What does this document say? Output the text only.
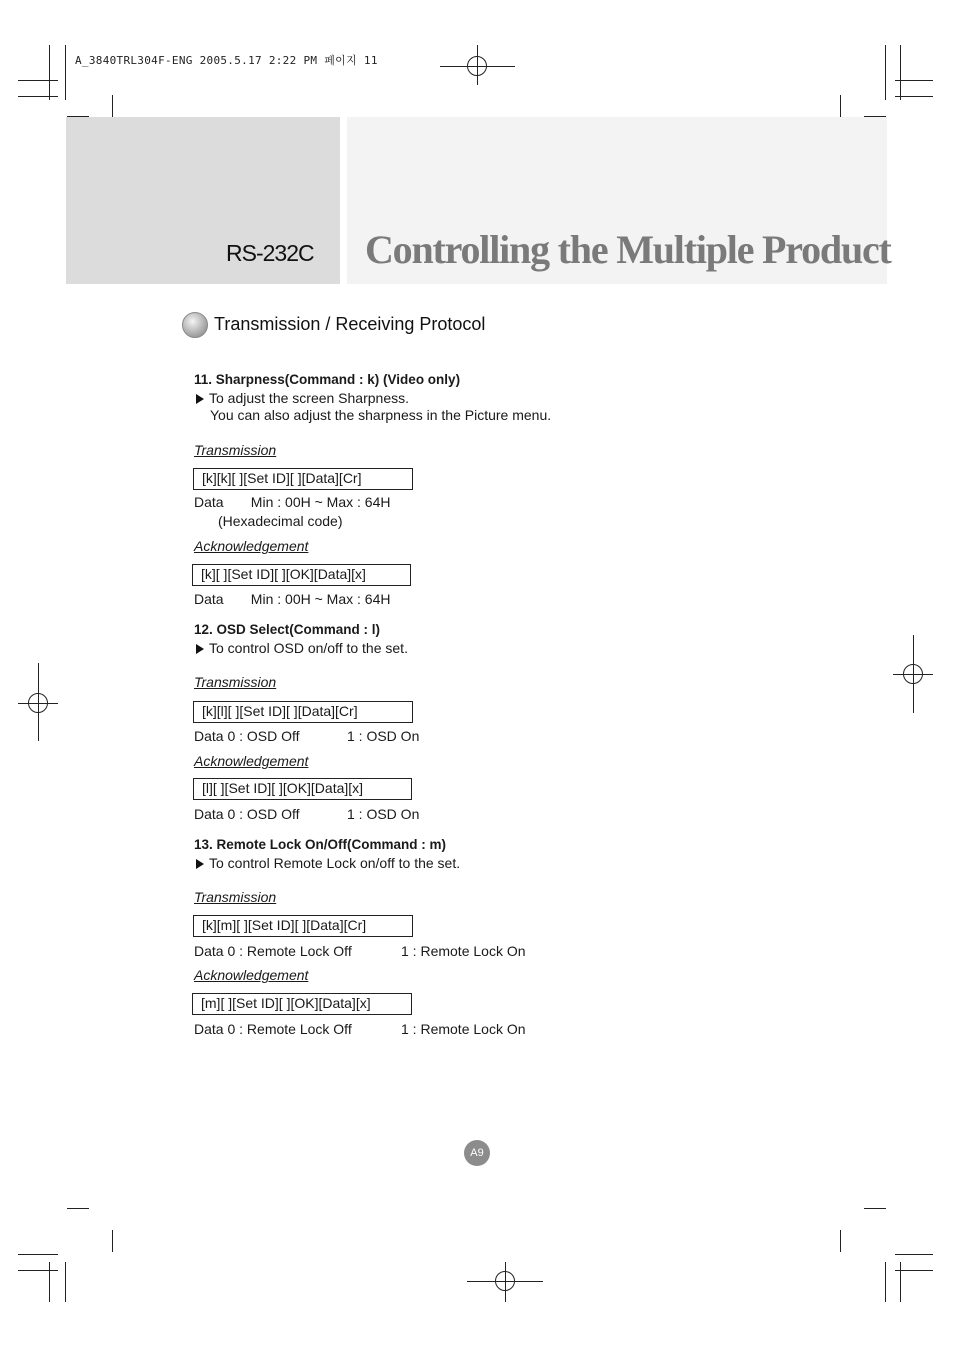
A_3840TRL304F-ENG 2005.5.17 2:22 PM 페이지 11
RS-232C Controlling the Multiple Product
Transmission / Receiving Protocol
11. Sharpness(Command : k) (Video only)
To adjust the screen Sharpness.
You can also adjust the sharpness in the Picture menu.
Transmission
[k][k][ ][Set ID][ ][Data][Cr]
Data       Min : 00H ~ Max : 64H
(Hexadecimal code)
Acknowledgement
[k][ ][Set ID][ ][OK][Data][x]
Data       Min : 00H ~ Max : 64H
12. OSD Select(Command : l)
To control OSD on/off to the set.
Transmission
[k][l][ ][Set ID][ ][Data][Cr]
Data 0 : OSD Off	1 : OSD On
Acknowledgement
[l][ ][Set ID][ ][OK][Data][x]
Data 0 : OSD Off	1 : OSD On
13. Remote Lock On/Off(Command : m)
To control Remote Lock on/off to the set.
Transmission
[k][m][ ][Set ID][ ][Data][Cr]
Data 0 : Remote Lock Off	1 : Remote Lock On
Acknowledgement
[m][ ][Set ID][ ][OK][Data][x]
Data 0 : Remote Lock Off	1 : Remote Lock On
A9
